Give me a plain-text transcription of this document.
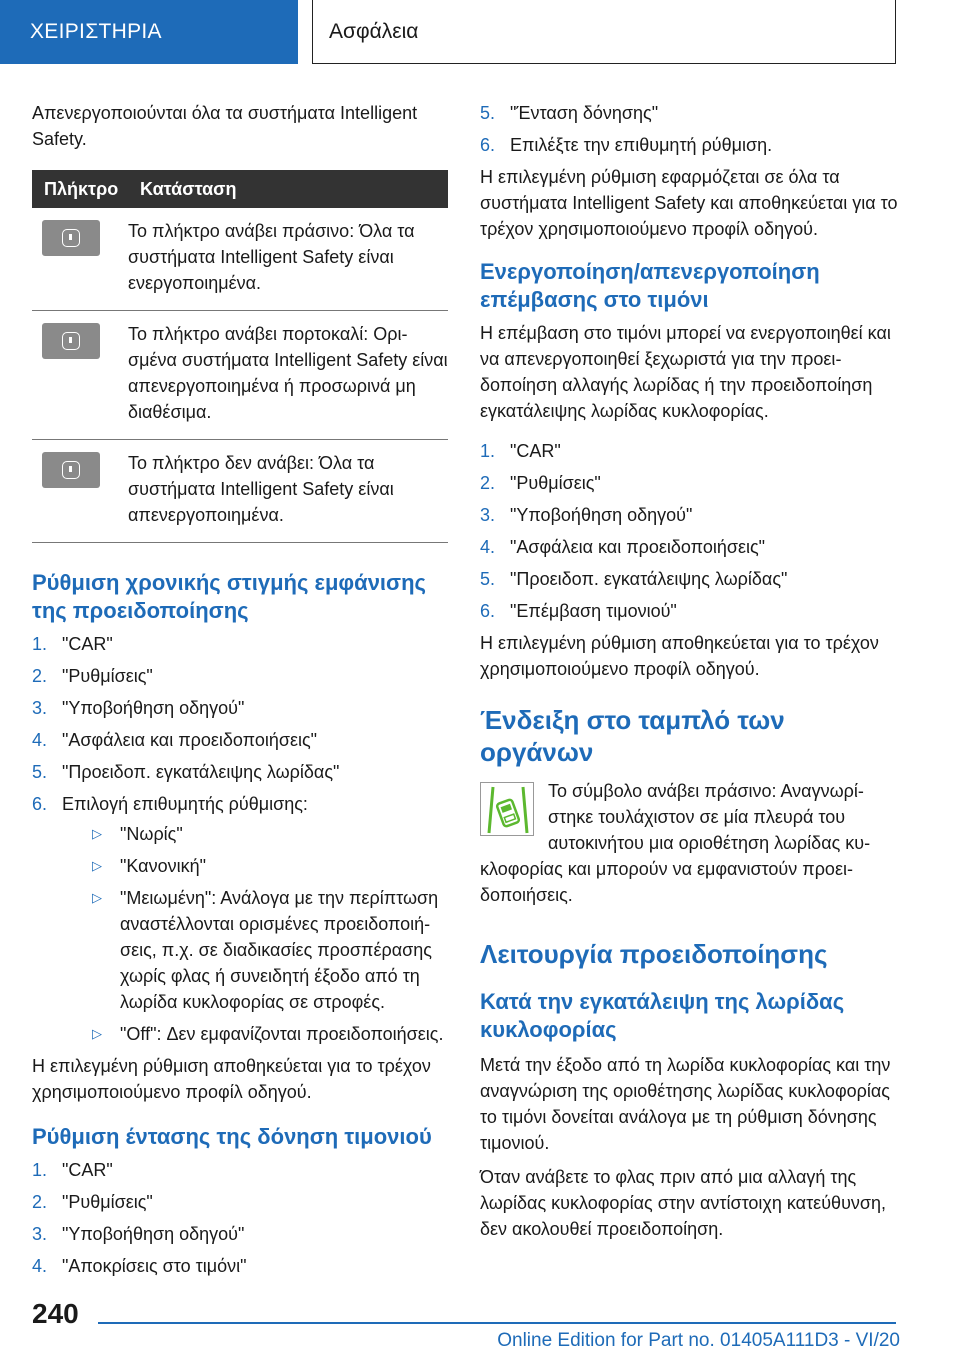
ΧΕΙΡΙΣΤΗΡΙΑ	Ασφάλεια

Απενεργοποιούνται όλα τα συστήματα Intelligent Safety.

Πλήκτρο	Κατάσταση

	Το πλήκτρο ανάβει πράσινο: Όλα τα συστήματα Intelligent Safety είναι ενεργοποιημένα.

	Το πλήκτρο ανάβει πορτοκαλί: Ορισμένα συστήματα Intelligent Safety είναι απενεργοποιημένα ή προσωρινά μη διαθέσιμα.

	Το πλήκτρο δεν ανάβει: Όλα τα συστήματα Intelligent Safety είναι απενεργοποιημένα.
Ρύθμιση χρονικής στιγμής εμφάνισης της προειδοποίησης
1. "CAR"
2. "Ρυθμίσεις"
3. "Υποβοήθηση οδηγού"
4. "Ασφάλεια και προειδοποιήσεις"
5. "Προειδοπ. εγκατάλειψης λωρίδας"
6. Επιλογή επιθυμητής ρύθμισης:
▷ "Νωρίς"
▷ "Κανονική"
▷ "Μειωμένη": Ανάλογα με την περίπτωση αναστέλλονται ορισμένες προειδοποιήσεις, π.χ. σε διαδικασίες προσπέρασης χωρίς φλας ή συνειδητή έξοδο από τη λωρίδα κυκλοφορίας σε στροφές.
▷ "Off": Δεν εμφανίζονται προειδοποιήσεις.

Η επιλεγμένη ρύθμιση αποθηκεύεται για το τρέχον χρησιμοποιούμενο προφίλ οδηγού.

Ρύθμιση έντασης της δόνηση τιμονιού
1. "CAR"
2. "Ρυθμίσεις"
3. "Υποβοήθηση οδηγού"
4. "Αποκρίσεις στο τιμόνι"
5. "Ένταση δόνησης"
6. Επιλέξτε την επιθυμητή ρύθμιση.

Η επιλεγμένη ρύθμιση εφαρμόζεται σε όλα τα συστήματα Intelligent Safety και αποθηκεύεται για το τρέχον χρησιμοποιούμενο προφίλ οδηγού.

Ενεργοποίηση/απενεργοποίηση επέμβασης στο τιμόνι

Η επέμβαση στο τιμόνι μπορεί να ενεργοποιηθεί και να απενεργοποιηθεί ξεχωριστά για την προειδοποίηση αλλαγής λωρίδας ή την προειδοποίηση εγκατάλειψης λωρίδας κυκλοφορίας.

1. "CAR"
2. "Ρυθμίσεις"
3. "Υποβοήθηση οδηγού"
4. "Ασφάλεια και προειδοποιήσεις"
5. "Προειδοπ. εγκατάλειψης λωρίδας"
6. "Επέμβαση τιμονιού"

Η επιλεγμένη ρύθμιση αποθηκεύεται για το τρέχον χρησιμοποιούμενο προφίλ οδηγού.

Ένδειξη στο ταμπλό των οργάνων

Το σύμβολο ανάβει πράσινο: Αναγνωρίστηκε τουλάχιστον σε μία πλευρά του αυτοκινήτου μια οριοθέτηση λωρίδας κυκλοφορίας και μπορούν να εμφανιστούν προειδοποιήσεις.

Λειτουργία προειδοποίησης
Κατά την εγκατάλειψη της λωρίδας κυκλοφορίας

Μετά την έξοδο από τη λωρίδα κυκλοφορίας και την αναγνώριση της οριοθέτησης λωρίδας κυκλοφορίας το τιμόνι δονείται ανάλογα με τη ρύθμιση δόνησης τιμονιού.

Όταν ανάβετε το φλας πριν από μια αλλαγή της λωρίδας κυκλοφορίας στην αντίστοιχη κατεύθυνση, δεν ακολουθεί προειδοποίηση.

240
Online Edition for Part no. 01405A111D3 - VI/20
